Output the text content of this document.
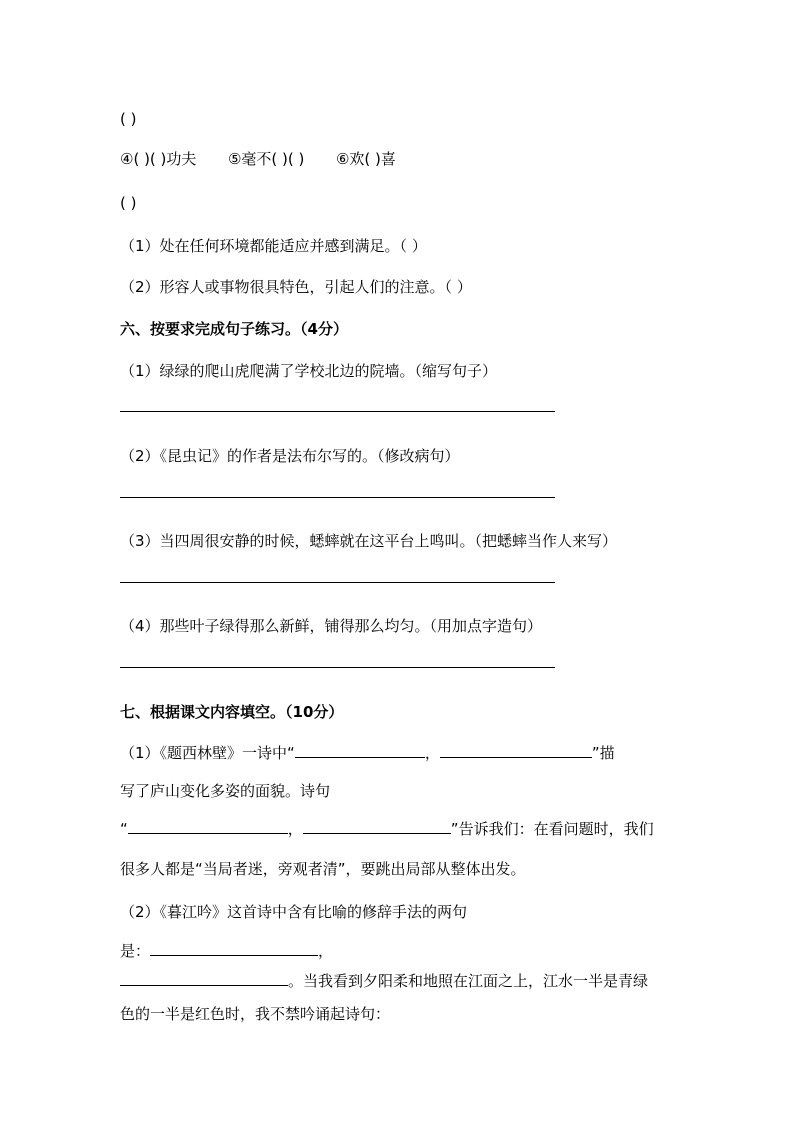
( )
④( )( )功夫 ⑤毫不( )( ) ⑥欢( )喜
( )
（1）处在任何环境都能适应并感到满足。（ ）
（2）形容人或事物很具特色，引起人们的注意。（ ）
六、按要求完成句子练习。（4分）
（1）绿绿的爬山虎爬满了学校北边的院墙。（缩写句子）
（2）《昆虫记》的作者是法布尔写的。（修改病句）
（3）当四周很安静的时候，蟋蟀就在这平台上鸣叫。（把蟋蟀当作人来写）
（4）那些叶子绿得那么新鲜，铺得那么均匀。（用加点字造句）
七、根据课文内容填空。（10分）
（1）《题西林壁》一诗中“	，	”描
写了庐山变化多姿的面貌。诗句
“	，	”告诉我们：在看问题时，我们
很多人都是“当局者迷，旁观者清”，要跳出局部从整体出发。
（2）《暮江吟》这首诗中含有比喻的修辞手法的两句
是：	，
。当我看到夕阳柔和地照在江面之上，江水一半是青绿
色的一半是红色时，我不禁吟诵起诗句：
